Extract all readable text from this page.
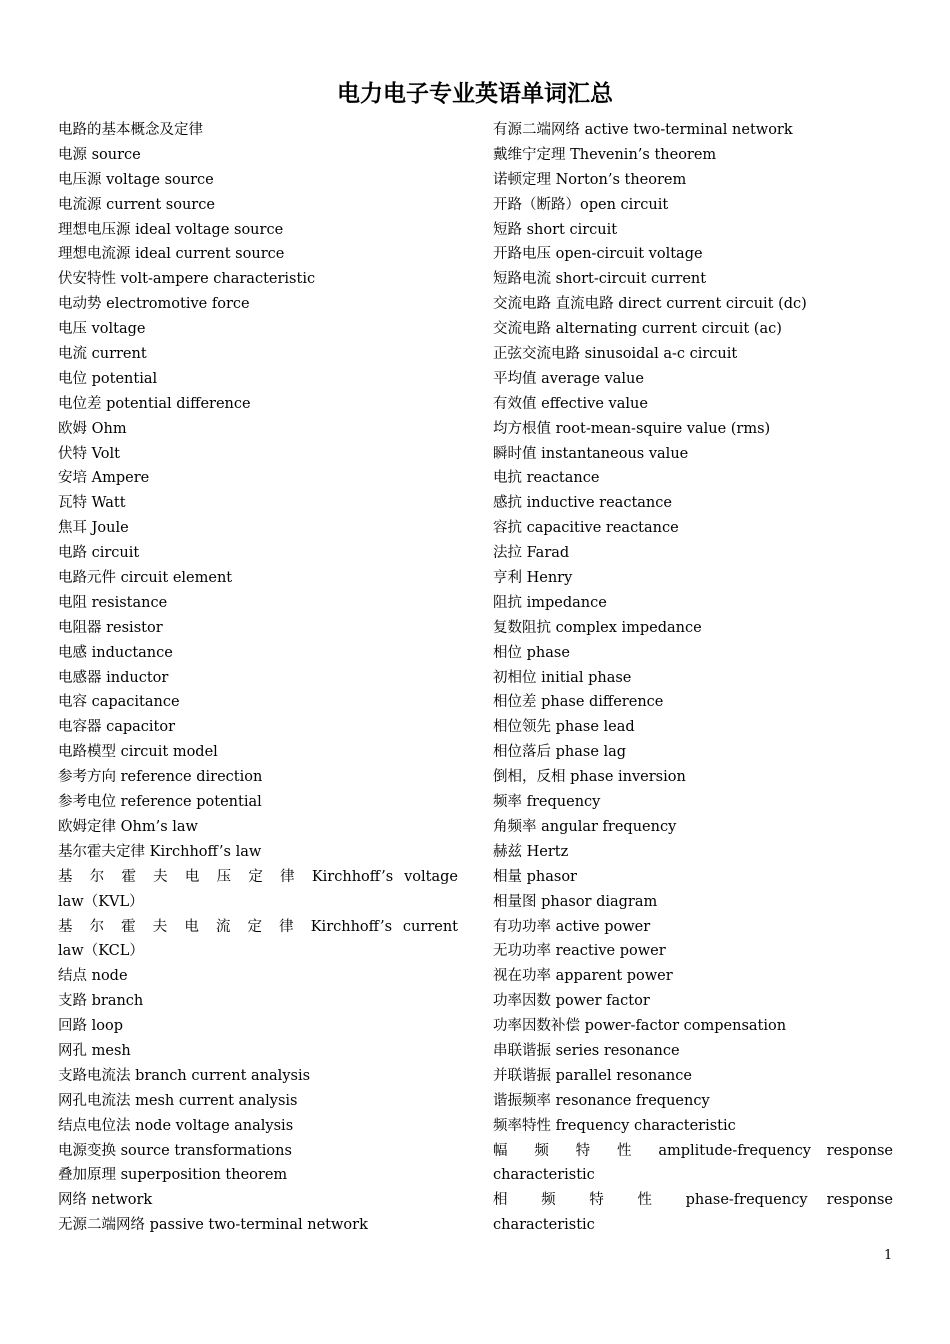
电力电子专业英语单词汇总
电路的基本概念及定律
电源 source
电压源 voltage source
电流源 current source
理想电压源 ideal voltage source
理想电流源 ideal current source
伏安特性 volt-ampere characteristic
电动势 electromotive force
电压 voltage
电流 current
电位 potential
电位差 potential difference
欧姆 Ohm
伏特 Volt
安培 Ampere
瓦特 Watt
焦耳 Joule
电路 circuit
电路元件 circuit element
电阻 resistance
电阻器 resistor
电感 inductance
电感器 inductor
电容 capacitance
电容器 capacitor
电路模型 circuit model
参考方向 reference direction
参考电位 reference potential
欧姆定律 Ohm’s law
基尔霍夫定律 Kirchhoff’s law
基 尔 霍 夫 电 压 定 律 Kirchhoff’s voltage
law（KVL）
基 尔 霍 夫 电 流 定 律 Kirchhoff’s current
law（KCL）
结点 node
支路 branch
回路 loop
网孔 mesh
支路电流法 branch current analysis
网孔电流法 mesh current analysis
结点电位法 node voltage analysis
电源变换 source transformations
叠加原理 superposition theorem
网络 network
无源二端网络 passive two-terminal network
有源二端网络 active two-terminal network
戴维宁定理 Thevenin’s theorem
诺顿定理 Norton’s theorem
开路（断路）open circuit
短路 short circuit
开路电压 open-circuit voltage
短路电流 short-circuit current
交流电路 直流电路 direct current circuit (dc)
交流电路 alternating current circuit (ac)
正弦交流电路 sinusoidal a-c circuit
平均值 average value
有效值 effective value
均方根值 root-mean-squire value (rms)
瞬时值 instantaneous value
电抗 reactance
感抗 inductive reactance
容抗 capacitive reactance
法拉 Farad
亨利 Henry
阻抗 impedance
复数阻抗 complex impedance
相位 phase
初相位 initial phase
相位差 phase difference
相位领先 phase lead
相位落后 phase lag
倒相，反相 phase inversion
频率 frequency
角频率 angular frequency
赫兹 Hertz
相量 phasor
相量图 phasor diagram
有功功率 active power
无功功率 reactive power
视在功率 apparent power
功率因数 power factor
功率因数补偿 power-factor compensation
串联谐振 series resonance
并联谐振 parallel resonance
谐振频率 resonance frequency
频率特性 frequency characteristic
幅 频 特 性 amplitude-frequency response
characteristic
相 频 特 性 phase-frequency response
characteristic
1
